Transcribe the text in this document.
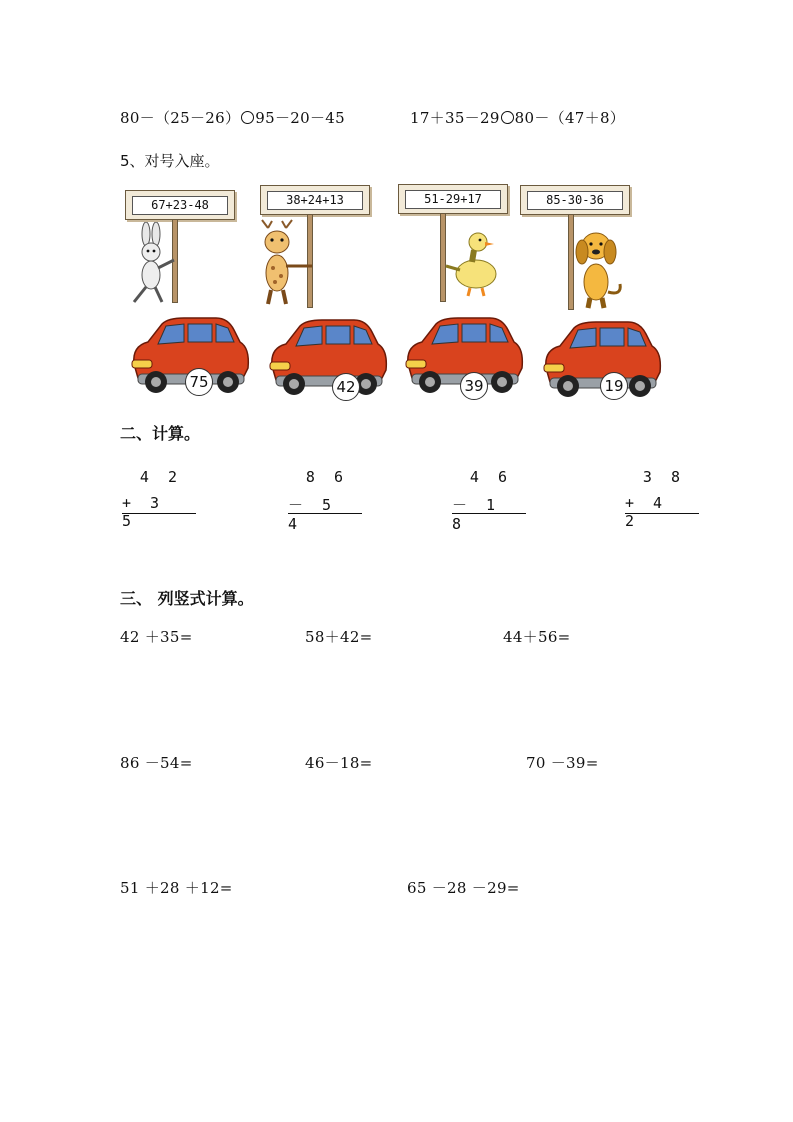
80－（25－26） 95－20－45	17＋35－29 80－（47＋8）
5、对号入座。
67+23-48	38+24+13	51-29+17	85-30-36
75	42	39	19
二、计算。
4 2
+ 3 5
8 6
－ 5 4
4 6
－ 1 8
3 8
+ 4 2
三、 列竖式计算。
42 ＋35=	58＋42=	44＋56=
86 －54=	46－18=	70 －39=
51 ＋28 ＋12=	65 －28 －29=
